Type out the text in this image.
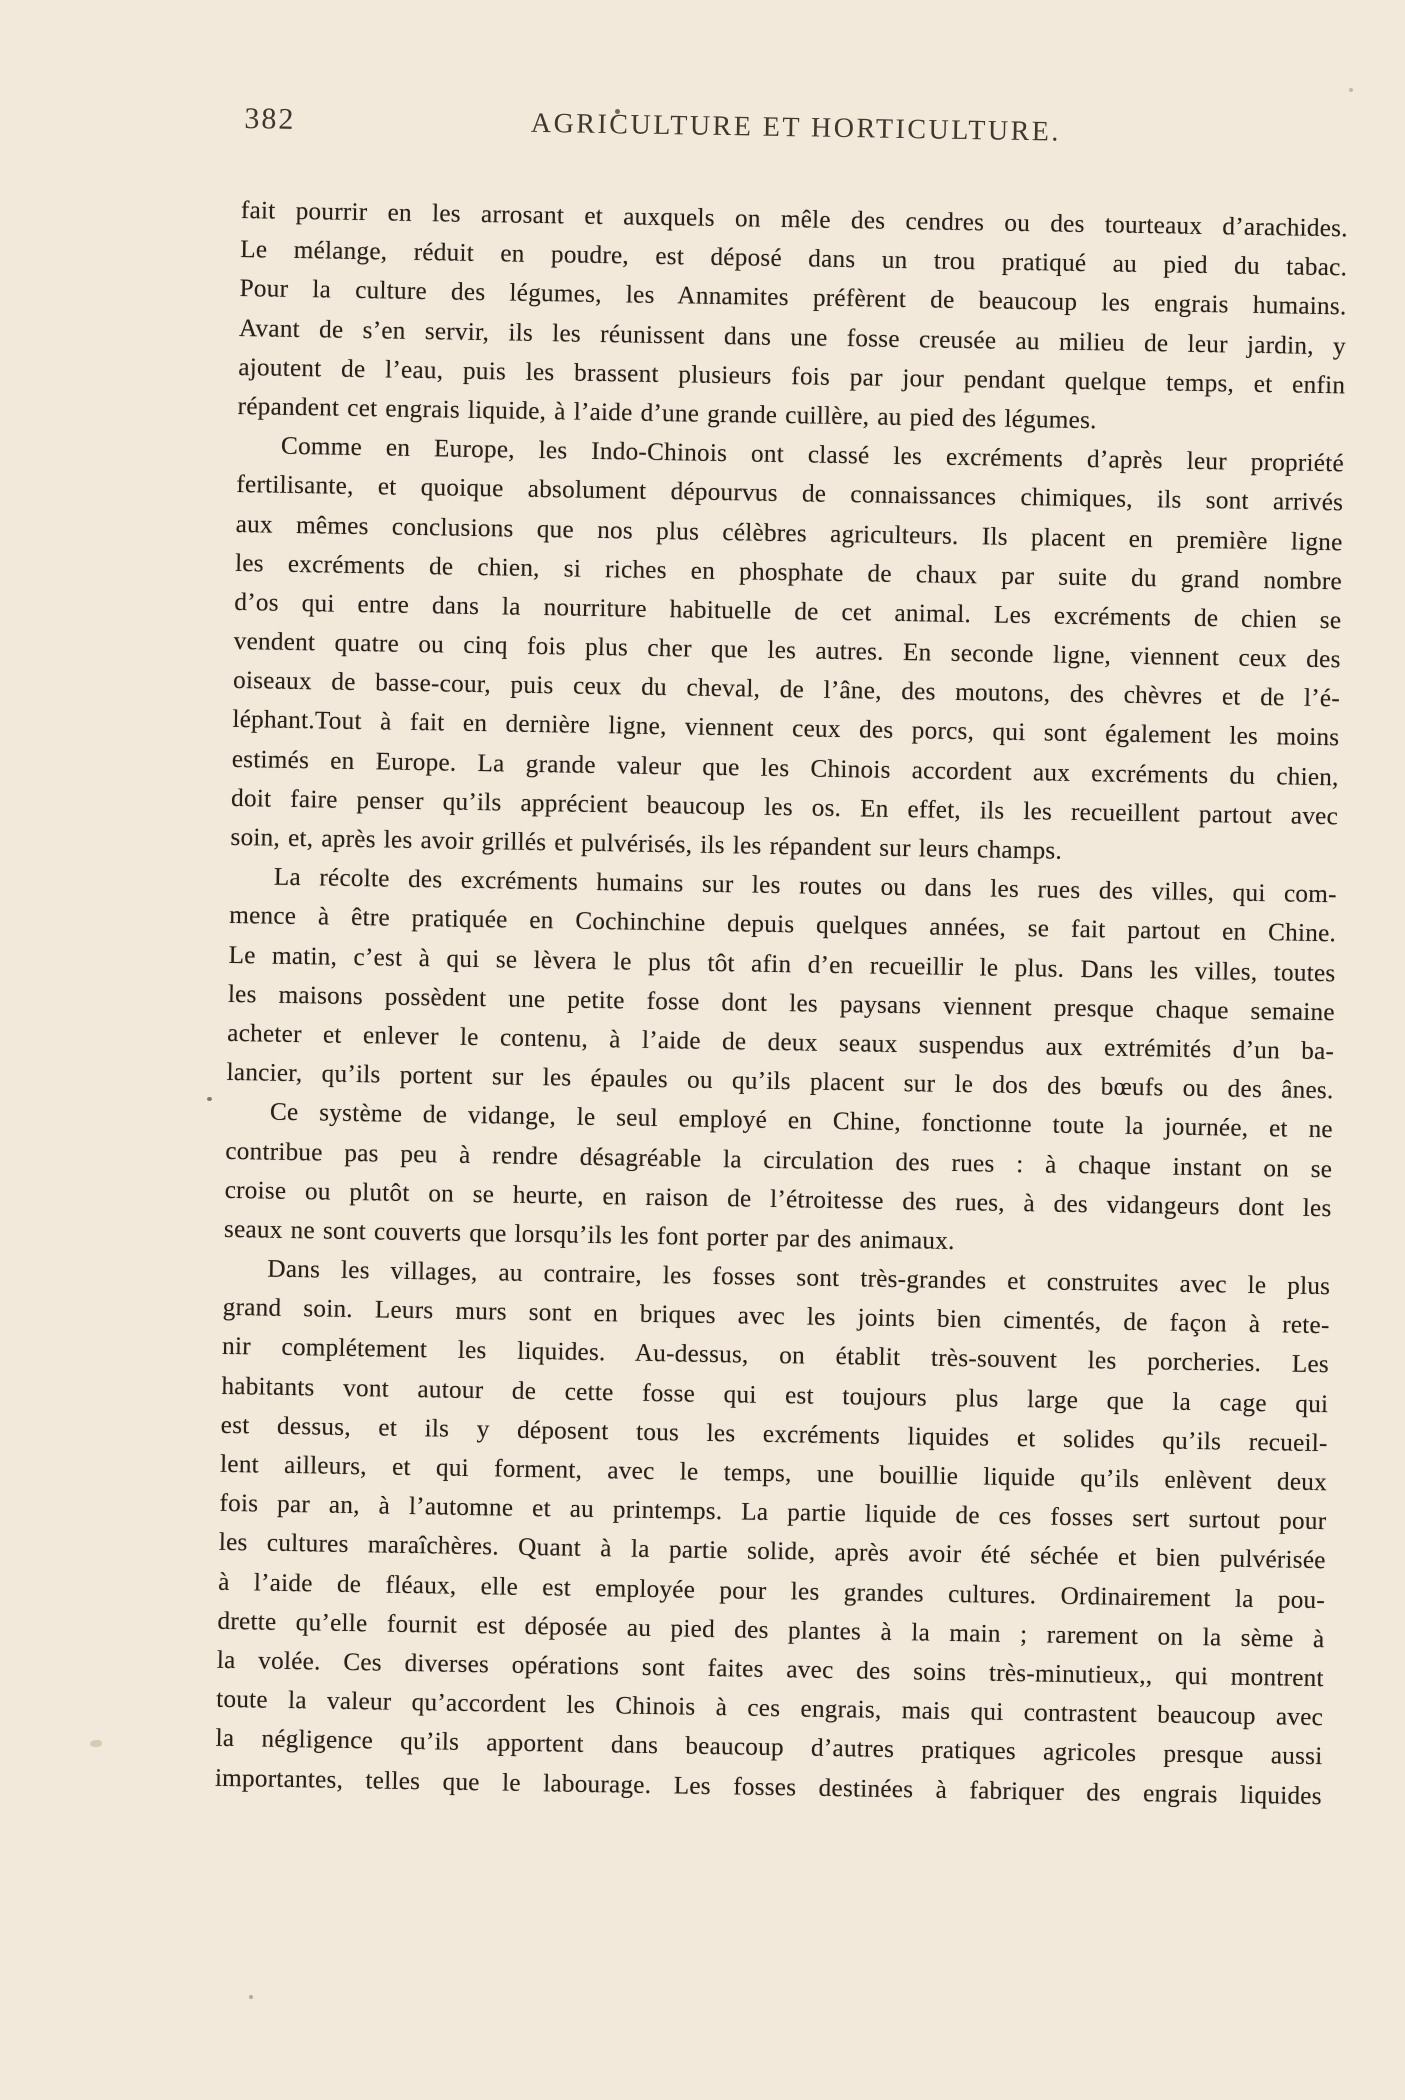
382	AGRICULTURE ET HORTICULTURE.
fait pourrir en les arrosant et auxquels on mêle des cendres ou des tourteaux d’arachides.
Le mélange, réduit en poudre, est déposé dans un trou pratiqué au pied du tabac.
Pour la culture des légumes, les Annamites préfèrent de beaucoup les engrais humains.
Avant de s’en servir, ils les réunissent dans une fosse creusée au milieu de leur jardin, y
ajoutent de l’eau, puis les brassent plusieurs fois par jour pendant quelque temps, et enfin
répandent cet engrais liquide, à l’aide d’une grande cuillère, au pied des légumes.
Comme en Europe, les Indo-Chinois ont classé les excréments d’après leur propriété
fertilisante, et quoique absolument dépourvus de connaissances chimiques, ils sont arrivés
aux mêmes conclusions que nos plus célèbres agriculteurs. Ils placent en première ligne
les excréments de chien, si riches en phosphate de chaux par suite du grand nombre
d’os qui entre dans la nourriture habituelle de cet animal. Les excréments de chien se
vendent quatre ou cinq fois plus cher que les autres. En seconde ligne, viennent ceux des
oiseaux de basse-cour, puis ceux du cheval, de l’âne, des moutons, des chèvres et de l’é-
léphant.Tout à fait en dernière ligne, viennent ceux des porcs, qui sont également les moins
estimés en Europe. La grande valeur que les Chinois accordent aux excréments du chien,
doit faire penser qu’ils apprécient beaucoup les os. En effet, ils les recueillent partout avec
soin, et, après les avoir grillés et pulvérisés, ils les répandent sur leurs champs.
La récolte des excréments humains sur les routes ou dans les rues des villes, qui com-
mence à être pratiquée en Cochinchine depuis quelques années, se fait partout en Chine.
Le matin, c’est à qui se lèvera le plus tôt afin d’en recueillir le plus. Dans les villes, toutes
les maisons possèdent une petite fosse dont les paysans viennent presque chaque semaine
acheter et enlever le contenu, à l’aide de deux seaux suspendus aux extrémités d’un ba-
lancier, qu’ils portent sur les épaules ou qu’ils placent sur le dos des bœufs ou des ânes.
Ce système de vidange, le seul employé en Chine, fonctionne toute la journée, et ne
contribue pas peu à rendre désagréable la circulation des rues : à chaque instant on se
croise ou plutôt on se heurte, en raison de l’étroitesse des rues, à des vidangeurs dont les
seaux ne sont couverts que lorsqu’ils les font porter par des animaux.
Dans les villages, au contraire, les fosses sont très-grandes et construites avec le plus
grand soin. Leurs murs sont en briques avec les joints bien cimentés, de façon à rete-
nir complétement les liquides. Au-dessus, on établit très-souvent les porcheries. Les
habitants vont autour de cette fosse qui est toujours plus large que la cage qui
est dessus, et ils y déposent tous les excréments liquides et solides qu’ils recueil-
lent ailleurs, et qui forment, avec le temps, une bouillie liquide qu’ils enlèvent deux
fois par an, à l’automne et au printemps. La partie liquide de ces fosses sert surtout pour
les cultures maraîchères. Quant à la partie solide, après avoir été séchée et bien pulvérisée
à l’aide de fléaux, elle est employée pour les grandes cultures. Ordinairement la pou-
drette qu’elle fournit est déposée au pied des plantes à la main ; rarement on la sème à
la volée. Ces diverses opérations sont faites avec des soins très-minutieux,, qui montrent
toute la valeur qu’accordent les Chinois à ces engrais, mais qui contrastent beaucoup avec
la négligence qu’ils apportent dans beaucoup d’autres pratiques agricoles presque aussi
importantes, telles que le labourage. Les fosses destinées à fabriquer des engrais liquides
